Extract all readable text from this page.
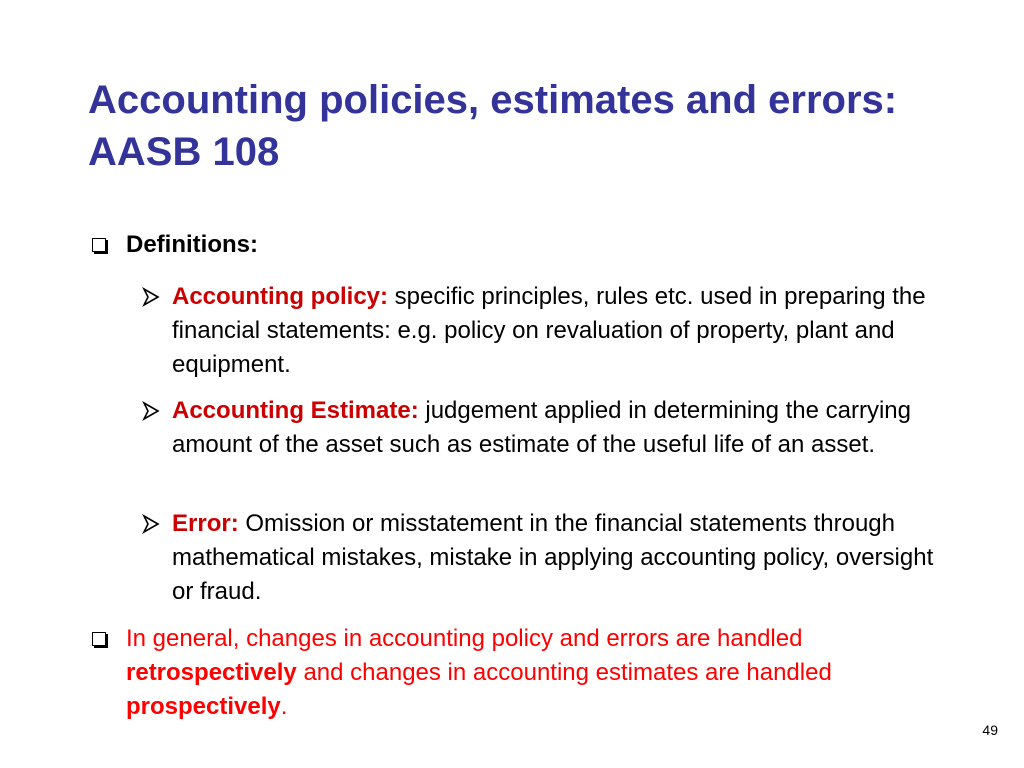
Accounting policies, estimates and errors: AASB 108
Definitions:
Accounting policy: specific principles, rules etc. used in preparing the financial statements: e.g. policy on revaluation of property, plant and equipment.
Accounting Estimate: judgement applied in determining the carrying amount of the asset such as estimate of the useful life of an asset.
Error: Omission or misstatement in the financial statements through mathematical mistakes, mistake in applying accounting policy, oversight or fraud.
In general, changes in accounting policy and errors are handled retrospectively and changes in accounting estimates are handled prospectively.
49
